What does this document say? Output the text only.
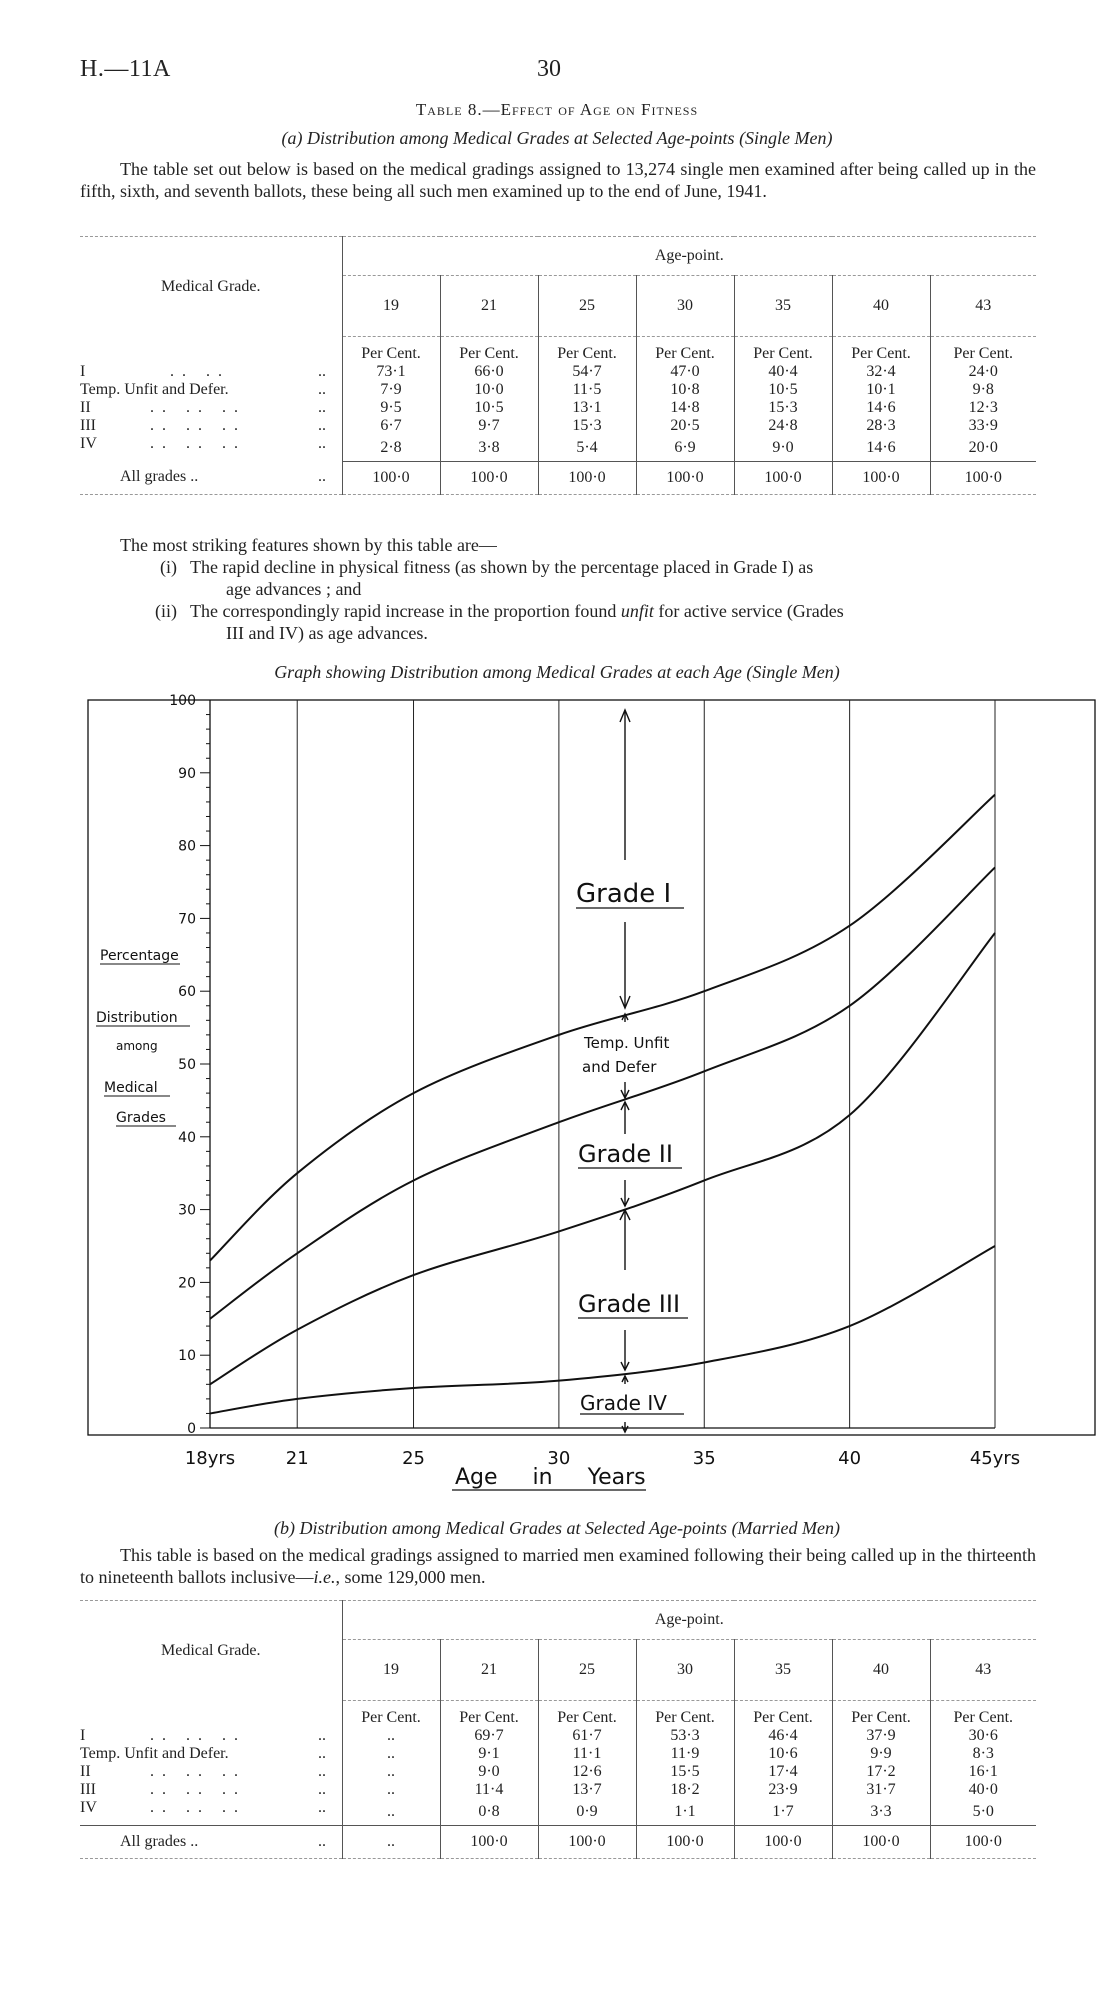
H.—11A	30
Table 8.—Effect of Age on Fitness
(a) Distribution among Medical Grades at Selected Age-points (Single Men)
The table set out below is based on the medical gradings assigned to 13,274 single men examined after being called up in the fifth, sixth, and seventh ballots, these being all such men examined up to the end of June, 1941.
Medical Grade.	Age-point.						
	19	21	25	30	35	40	43
	Per Cent.	Per Cent.	Per Cent.	Per Cent.	Per Cent.	Per Cent.	Per Cent.
I .. .. ..	73·1	66·0	54·7	47·0	40·4	32·4	24·0
Temp. Unfit and Defer. ..	7·9	10·0	11·5	10·8	10·5	10·1	9·8
II .. .. .. ..	9·5	10·5	13·1	14·8	15·3	14·6	12·3
III .. .. .. ..	6·7	9·7	15·3	20·5	24·8	28·3	33·9
IV .. .. .. ..	2·8	3·8	5·4	6·9	9·0	14·6	20·0
All grades .. ..	100·0	100·0	100·0	100·0	100·0	100·0	100·0
The most striking features shown by this table are—
(i) The rapid decline in physical fitness (as shown by the percentage placed in Grade I) as
age advances ; and
(ii) The correspondingly rapid increase in the proportion found unfit for active service (Grades
III and IV) as age advances.
Graph showing Distribution among Medical Grades at each Age (Single Men)
0
10
20
30
40
50
60
70
80
90
100
18yrs	21	25	30	35	40	45yrs
Percentage
Distribution
among
Medical
Grades
Grade I
Temp. Unfit
and Defer
Grade II
Grade III
Grade IV
Age in Years
(b) Distribution among Medical Grades at Selected Age-points (Married Men)
This table is based on the medical gradings assigned to married men examined following their being called up in the thirteenth to nineteenth ballots inclusive—i.e., some 129,000 men.
Medical Grade.	Age-point.						
	19	21	25	30	35	40	43
	Per Cent.	Per Cent.	Per Cent.	Per Cent.	Per Cent.	Per Cent.	Per Cent.
I .. .. .. ..	..	69·7	61·7	53·3	46·4	37·9	30·6
Temp. Unfit and Defer. ..	..	9·1	11·1	11·9	10·6	9·9	8·3
II .. .. .. ..	..	9·0	12·6	15·5	17·4	17·2	16·1
III .. .. .. ..	..	11·4	13·7	18·2	23·9	31·7	40·0
IV .. .. .. ..	..	0·8	0·9	1·1	1·7	3·3	5·0
All grades .. ..	..	100·0	100·0	100·0	100·0	100·0	100·0
